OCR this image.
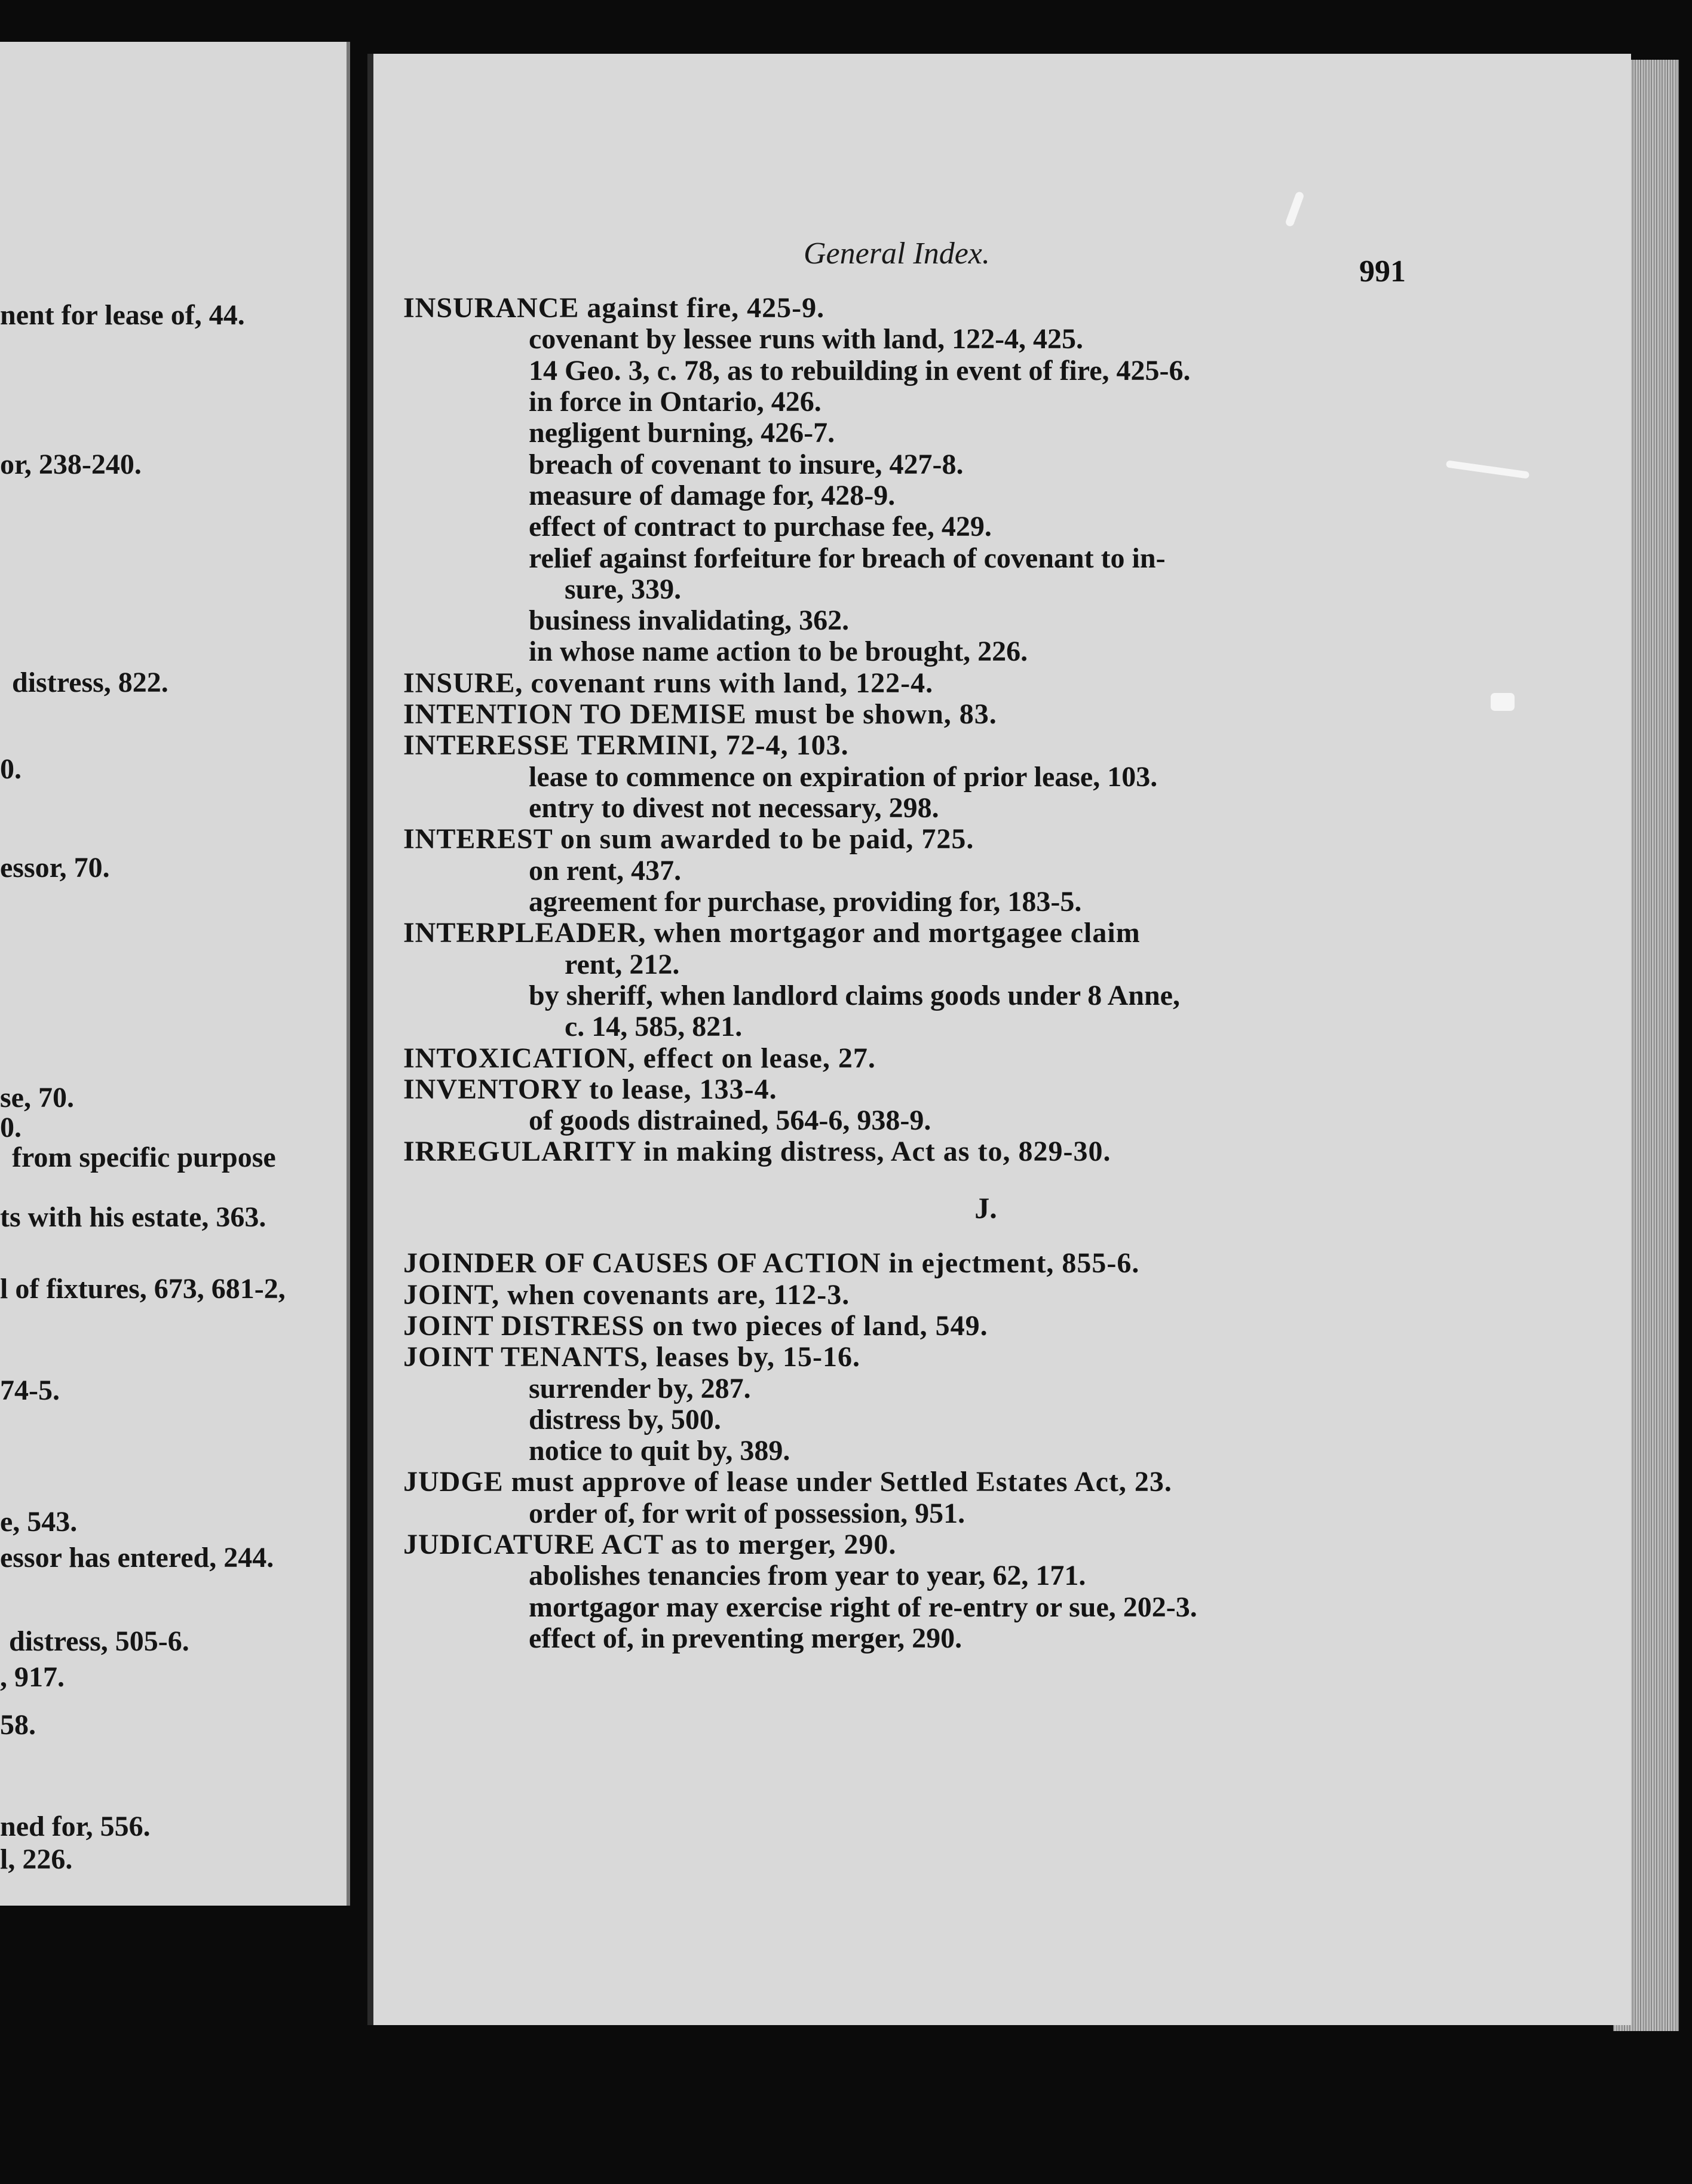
nent for lease of, 44.
or, 238-240.
distress, 822.
0.
essor, 70.
se, 70.
0.
from specific purpose
ts with his estate, 363.
l of fixtures, 673, 681-2,
74-5.
e, 543.
essor has entered, 244.
distress, 505-6.
, 917.
58.
ned for, 556.
l, 226.
General Index.
991
INSURANCE against fire, 425-9.
covenant by lessee runs with land, 122-4, 425.
14 Geo. 3, c. 78, as to rebuilding in event of fire, 425-6.
in force in Ontario, 426.
negligent burning, 426-7.
breach of covenant to insure, 427-8.
measure of damage for, 428-9.
effect of contract to purchase fee, 429.
relief against forfeiture for breach of covenant to in-
sure, 339.
business invalidating, 362.
in whose name action to be brought, 226.
INSURE, covenant runs with land, 122-4.
INTENTION TO DEMISE must be shown, 83.
INTERESSE TERMINI, 72-4, 103.
lease to commence on expiration of prior lease, 103.
entry to divest not necessary, 298.
INTEREST on sum awarded to be paid, 725.
on rent, 437.
agreement for purchase, providing for, 183-5.
INTERPLEADER, when mortgagor and mortgagee claim
rent, 212.
by sheriff, when landlord claims goods under 8 Anne,
c. 14, 585, 821.
INTOXICATION, effect on lease, 27.
INVENTORY to lease, 133-4.
of goods distrained, 564-6, 938-9.
IRREGULARITY in making distress, Act as to, 829-30.
J.
JOINDER OF CAUSES OF ACTION in ejectment, 855-6.
JOINT, when covenants are, 112-3.
JOINT DISTRESS on two pieces of land, 549.
JOINT TENANTS, leases by, 15-16.
surrender by, 287.
distress by, 500.
notice to quit by, 389.
JUDGE must approve of lease under Settled Estates Act, 23.
order of, for writ of possession, 951.
JUDICATURE ACT as to merger, 290.
abolishes tenancies from year to year, 62, 171.
mortgagor may exercise right of re-entry or sue, 202-3.
effect of, in preventing merger, 290.
